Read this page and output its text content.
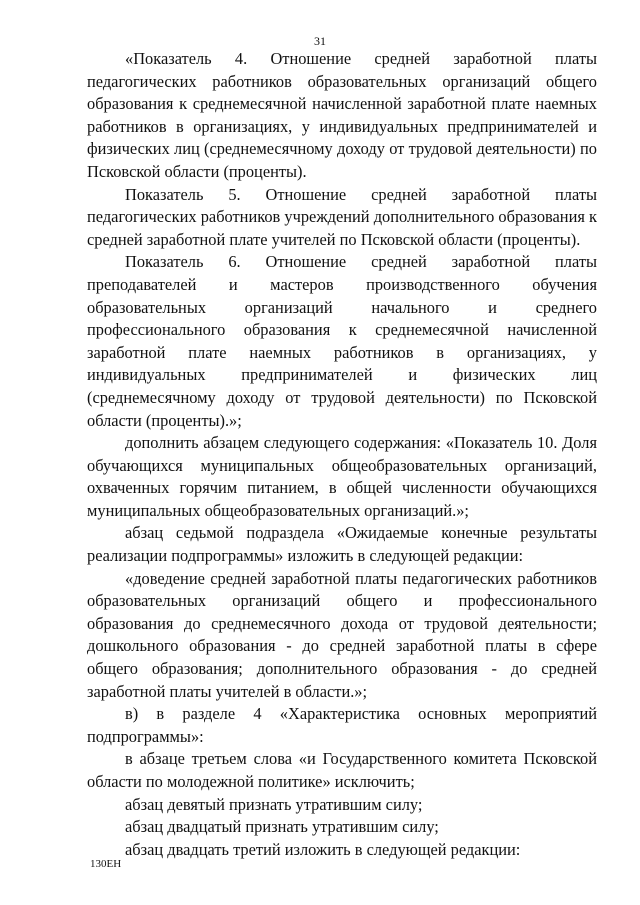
31

«Показатель 4. Отношение средней заработной платы педагогических работников образовательных организаций общего образования к среднемесячной начисленной заработной плате наемных работников в организациях, у индивидуальных предпринимателей и физических лиц (среднемесячному доходу от трудовой деятельности) по Псковской области (проценты).

Показатель 5. Отношение средней заработной платы педагогических работников учреждений дополнительного образования к средней заработной плате учителей по Псковской области (проценты).

Показатель 6. Отношение средней заработной платы преподавателей и мастеров производственного обучения образовательных организаций начального и среднего профессионального образования к среднемесячной начисленной заработной плате наемных работников в организациях, у индивидуальных предпринимателей и физических лиц (среднемесячному доходу от трудовой деятельности) по Псковской области (проценты).»;

дополнить абзацем следующего содержания: «Показатель 10. Доля обучающихся муниципальных общеобразовательных организаций, охваченных горячим питанием, в общей численности обучающихся муниципальных общеобразовательных организаций.»;

абзац седьмой подраздела «Ожидаемые конечные результаты реализации подпрограммы» изложить в следующей редакции:

«доведение средней заработной платы педагогических работников образовательных организаций общего и профессионального образования до среднемесячного дохода от трудовой деятельности; дошкольного образования - до средней заработной платы в сфере общего образования; дополнительного образования - до средней заработной платы учителей в области.»;

в) в разделе 4 «Характеристика основных мероприятий подпрограммы»:

в абзаце третьем слова «и Государственного комитета Псковской области по молодежной политике» исключить;

абзац девятый признать утратившим силу;

абзац двадцатый признать утратившим силу;

абзац двадцать третий изложить в следующей редакции:

130ЕН
